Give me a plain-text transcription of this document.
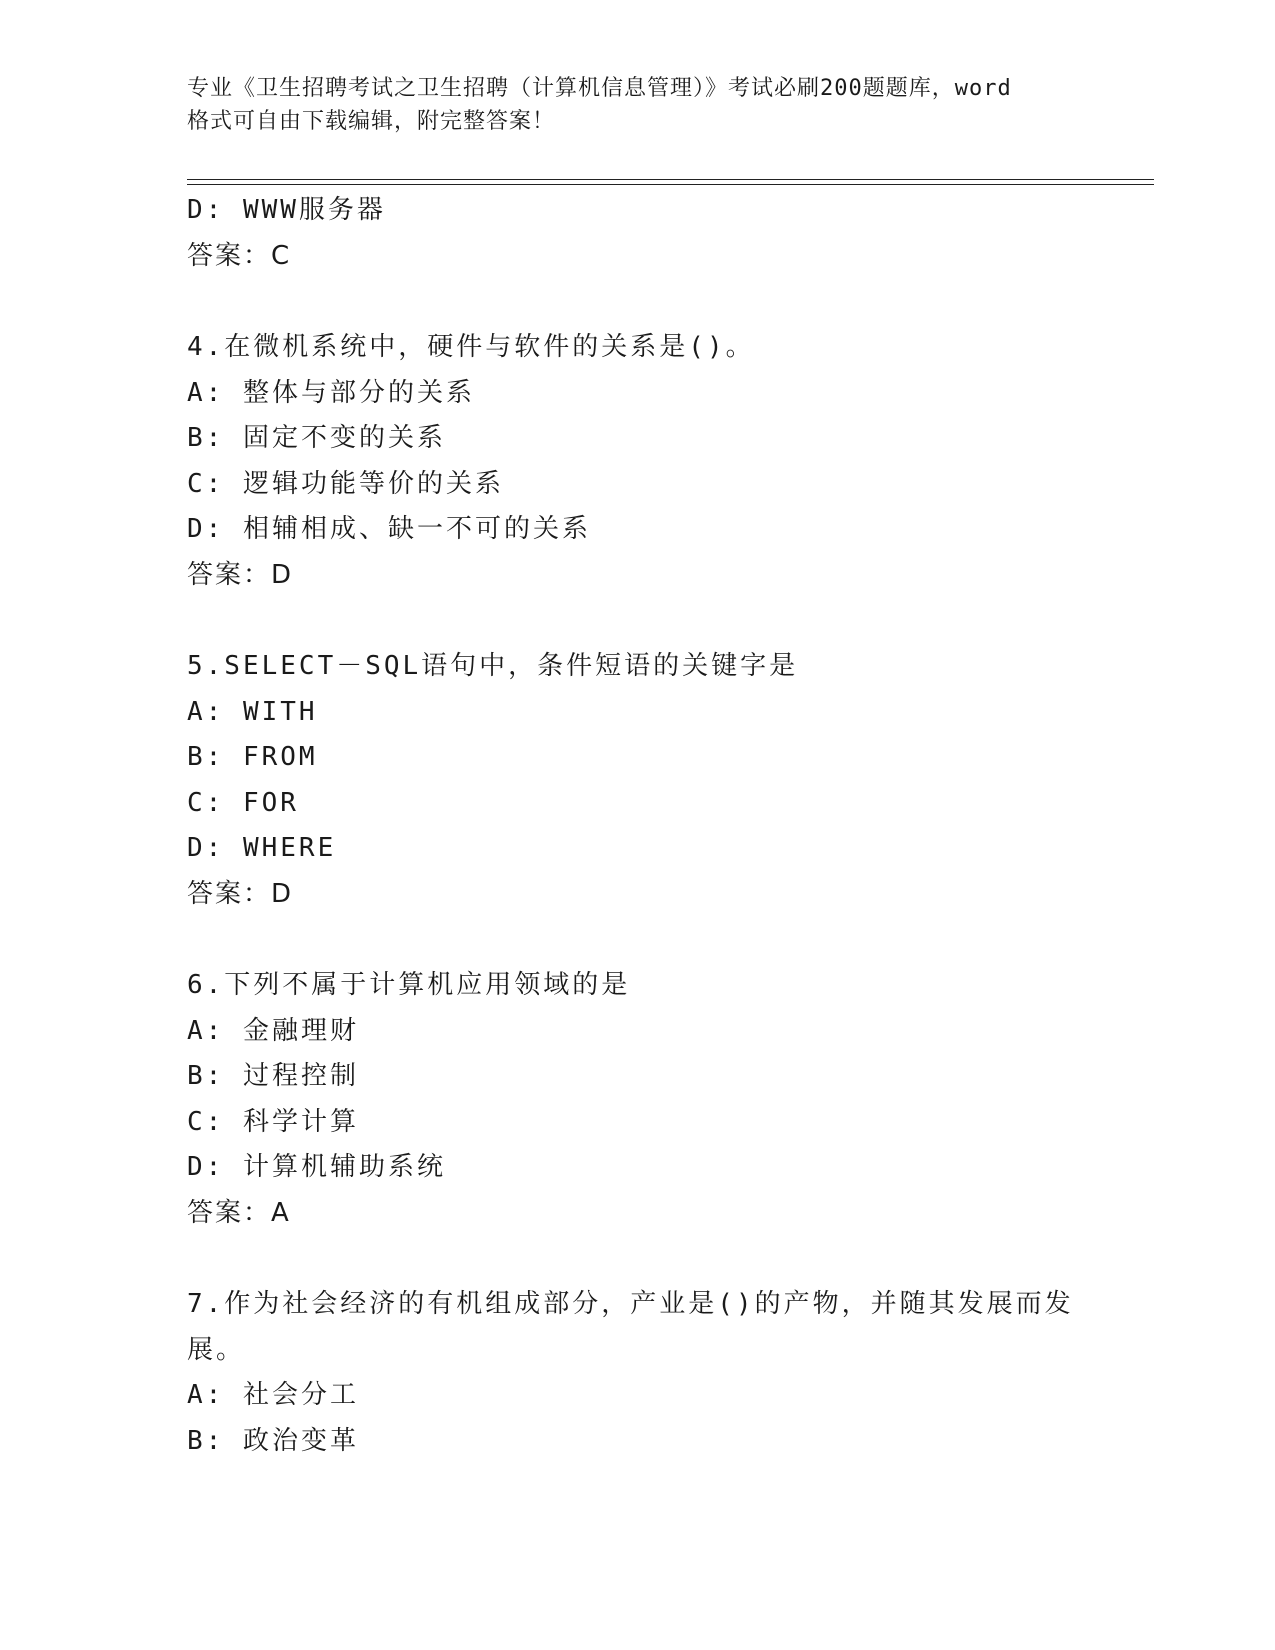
专业《卫生招聘考试之卫生招聘（计算机信息管理）》考试必刷200题题库，word
格式可自由下载编辑，附完整答案！
D: WWW服务器
答案：C
4.在微机系统中，硬件与软件的关系是()。
A: 整体与部分的关系
B: 固定不变的关系
C: 逻辑功能等价的关系
D: 相辅相成、缺一不可的关系
答案：D
5.SELECT－SQL语句中，条件短语的关键字是
A: WITH
B: FROM
C: FOR
D: WHERE
答案：D
6.下列不属于计算机应用领域的是
A: 金融理财
B: 过程控制
C: 科学计算
D: 计算机辅助系统
答案：A
7.作为社会经济的有机组成部分，产业是()的产物，并随其发展而发
展。
A: 社会分工
B: 政治变革
